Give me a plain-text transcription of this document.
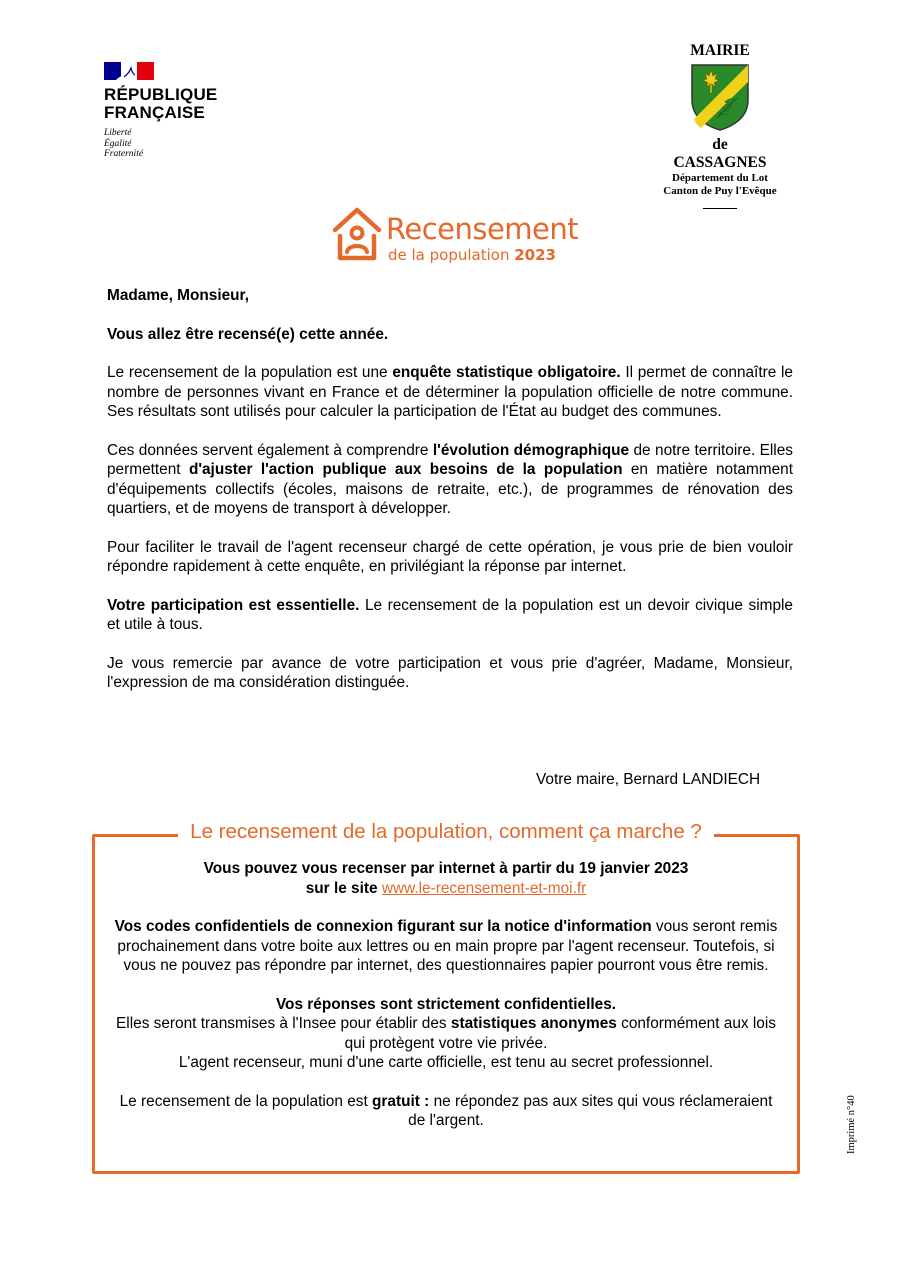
RÉPUBLIQUE
FRANÇAISE
Liberté
Égalité
Fraternité
MAIRIE
de
CASSAGNES
Département du Lot
Canton de Puy l'Evêque
Recensement
de la population 2023

Madame, Monsieur,

Vous allez être recensé(e) cette année.

Le recensement de la population est une enquête statistique obligatoire. Il permet de connaître le nombre de personnes vivant en France et de déterminer la population officielle de notre commune. Ses résultats sont utilisés pour calculer la participation de l'État au budget des communes.

Ces données servent également à comprendre l'évolution démographique de notre territoire. Elles permettent d'ajuster l'action publique aux besoins de la population en matière notamment d'équipements collectifs (écoles, maisons de retraite, etc.), de programmes de rénovation des quartiers, et de moyens de transport à développer.

Pour faciliter le travail de l'agent recenseur chargé de cette opération, je vous prie de bien vouloir répondre rapidement à cette enquête, en privilégiant la réponse par internet.

Votre participation est essentielle. Le recensement de la population est un devoir civique simple et utile à tous.

Je vous remercie par avance de votre participation et vous prie d'agréer, Madame, Monsieur, l'expression de ma considération distinguée.

Votre maire, Bernard LANDIECH
Le recensement de la population, comment ça marche ?

Vous pouvez vous recenser par internet à partir du 19 janvier 2023
sur le site www.le-recensement-et-moi.fr

Vos codes confidentiels de connexion figurant sur la notice d'information vous seront remis prochainement dans votre boite aux lettres ou en main propre par l'agent recenseur. Toutefois, si vous ne pouvez pas répondre par internet, des questionnaires papier pourront vous être remis.

Vos réponses sont strictement confidentielles.
Elles seront transmises à l'Insee pour établir des statistiques anonymes conformément aux lois qui protègent votre vie privée.
L'agent recenseur, muni d'une carte officielle, est tenu au secret professionnel.

Le recensement de la population est gratuit : ne répondez pas aux sites qui vous réclameraient de l'argent.	Imprimé n°40
